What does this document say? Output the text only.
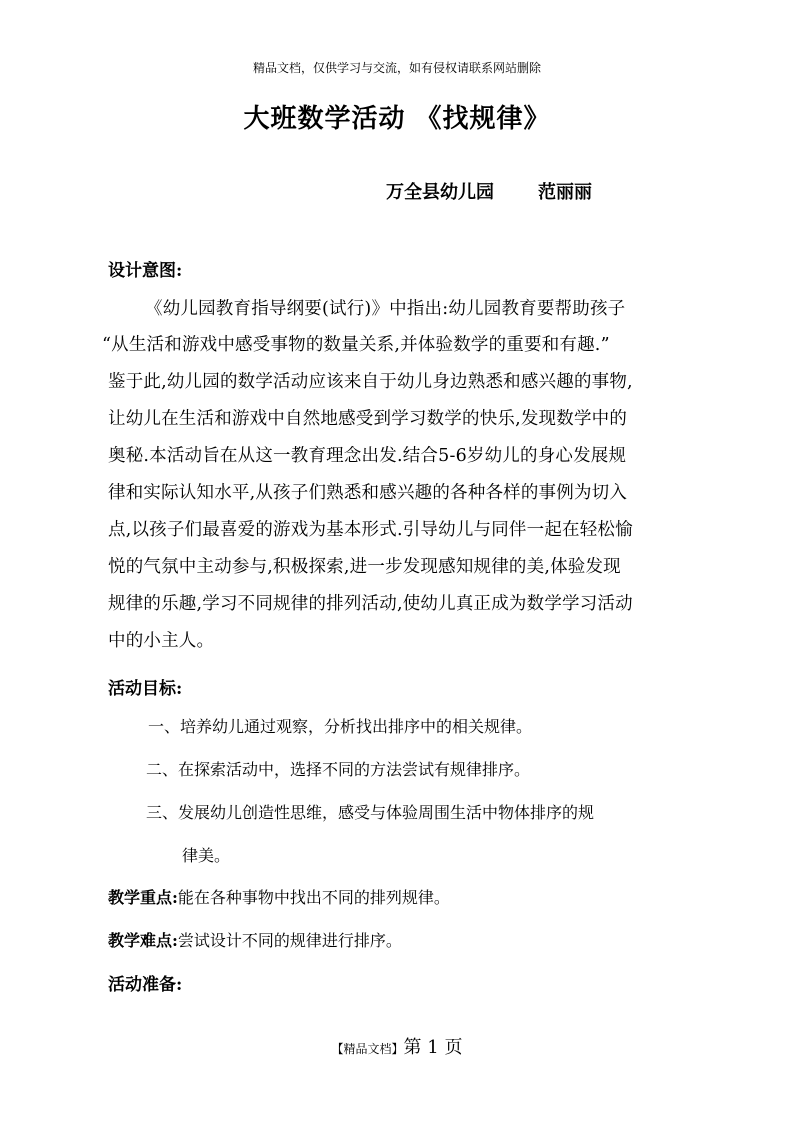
精品文档，仅供学习与交流，如有侵权请联系网站删除
大班数学活动 《找规律》
万全县幼儿园 范丽丽
设计意图:
《幼儿园教育指导纲要(试行)》中指出:幼儿园教育要帮助孩子
“从生活和游戏中感受事物的数量关系,并体验数学的重要和有趣.”
鉴于此,幼儿园的数学活动应该来自于幼儿身边熟悉和感兴趣的事物,
让幼儿在生活和游戏中自然地感受到学习数学的快乐,发现数学中的
奥秘.本活动旨在从这一教育理念出发.结合5-6岁幼儿的身心发展规
律和实际认知水平,从孩子们熟悉和感兴趣的各种各样的事例为切入
点,以孩子们最喜爱的游戏为基本形式.引导幼儿与同伴一起在轻松愉
悦的气氛中主动参与,积极探索,进一步发现感知规律的美,体验发现
规律的乐趣,学习不同规律的排列活动,使幼儿真正成为数学学习活动
中的小主人。
活动目标:
一、培养幼儿通过观察，分析找出排序中的相关规律。
二、在探索活动中，选择不同的方法尝试有规律排序。
三、发展幼儿创造性思维，感受与体验周围生活中物体排序的规
律美。
教学重点:能在各种事物中找出不同的排列规律。
教学难点:尝试设计不同的规律进行排序。
活动准备:
【精品文档】第 1 页
